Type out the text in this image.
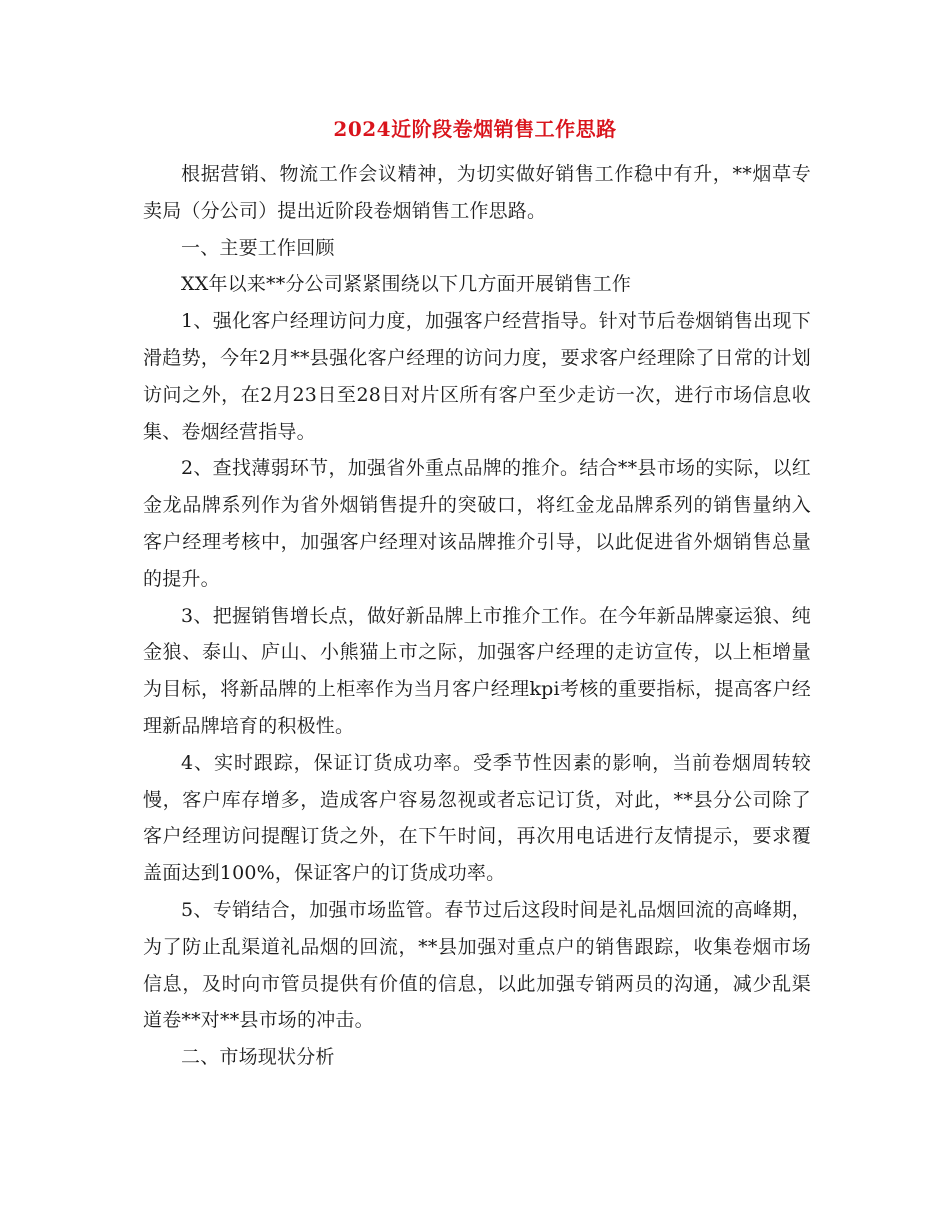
2024近阶段卷烟销售工作思路

根据营销、物流工作会议精神，为切实做好销售工作稳中有升，**烟草专卖局（分公司）提出近阶段卷烟销售工作思路。

一、主要工作回顾

XX年以来**分公司紧紧围绕以下几方面开展销售工作

1、强化客户经理访问力度，加强客户经营指导。针对节后卷烟销售出现下滑趋势，今年2月**县强化客户经理的访问力度，要求客户经理除了日常的计划访问之外，在2月23日至28日对片区所有客户至少走访一次，进行市场信息收集、卷烟经营指导。

2、查找薄弱环节，加强省外重点品牌的推介。结合**县市场的实际，以红金龙品牌系列作为省外烟销售提升的突破口，将红金龙品牌系列的销售量纳入客户经理考核中，加强客户经理对该品牌推介引导，以此促进省外烟销售总量的提升。

3、把握销售增长点，做好新品牌上市推介工作。在今年新品牌豪运狼、纯金狼、泰山、庐山、小熊猫上市之际，加强客户经理的走访宣传，以上柜增量为目标，将新品牌的上柜率作为当月客户经理kpi考核的重要指标，提高客户经理新品牌培育的积极性。

4、实时跟踪，保证订货成功率。受季节性因素的影响，当前卷烟周转较慢，客户库存增多，造成客户容易忽视或者忘记订货，对此，**县分公司除了客户经理访问提醒订货之外，在下午时间，再次用电话进行友情提示，要求覆盖面达到100%，保证客户的订货成功率。

5、专销结合，加强市场监管。春节过后这段时间是礼品烟回流的高峰期，为了防止乱渠道礼品烟的回流，**县加强对重点户的销售跟踪，收集卷烟市场信息，及时向市管员提供有价值的信息，以此加强专销两员的沟通，减少乱渠道卷**对**县市场的冲击。

二、市场现状分析
